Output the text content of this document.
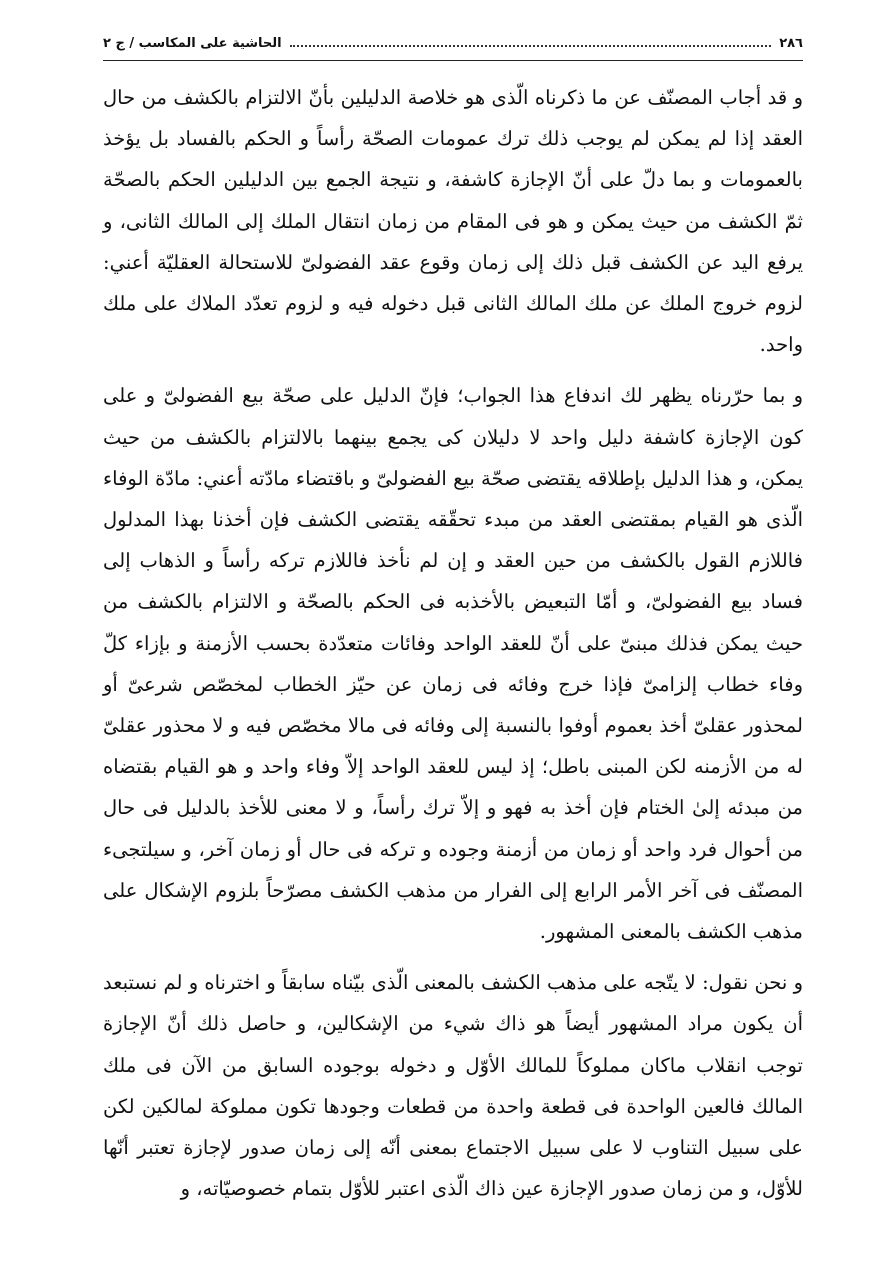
٢٨٦
الحاشية على المكاسب / ج ٢

و قد أجاب المصنّف عن ما ذكرناه الّذى هو خلاصة الدليلين بأنّ الالتزام بالكشف من حال العقد إذا لم يمكن لم يوجب ذلك ترك عمومات الصحّة رأساً و الحكم بالفساد بل يؤخذ بالعمومات و بما دلّ على أنّ الإجازة كاشفة، و نتيجة الجمع بين الدليلين الحكم بالصحّة ثمّ الكشف من حيث يمكن و هو فى المقام من زمان انتقال الملك إلى المالك الثانى، و يرفع اليد عن الكشف قبل ذلك إلى زمان وقوع عقد الفضولىّ للاستحالة العقليّة أعني: لزوم خروج الملك عن ملك المالك الثانى قبل دخوله فيه و لزوم تعدّد الملاك على ملك واحد.

و بما حرّرناه يظهر لك اندفاع هذا الجواب؛ فإنّ الدليل على صحّة بيع الفضولىّ و على كون الإجازة كاشفة دليل واحد لا دليلان كى يجمع بينهما بالالتزام بالكشف من حيث يمكن، و هذا الدليل بإطلاقه يقتضى صحّة بيع الفضولىّ و باقتضاء مادّته أعني: مادّة الوفاء الّذى هو القيام بمقتضى العقد من مبدء تحقّقه يقتضى الكشف فإن أخذنا بهذا المدلول فاللازم القول بالكشف من حين العقد و إن لم نأخذ فاللازم تركه رأساً و الذهاب إلى فساد بيع الفضولىّ، و أمّا التبعيض بالأخذبه فى الحكم بالصحّة و الالتزام بالكشف من حيث يمكن فذلك مبنىّ على أنّ للعقد الواحد وفائات متعدّدة بحسب الأزمنة و بإزاء كلّ وفاء خطاب إلزامىّ فإذا خرج وفائه فى زمان عن حيّز الخطاب لمخصّص شرعىّ أو لمحذور عقلىّ أخذ بعموم أوفوا بالنسبة إلى وفائه فى مالا مخصّص فيه و لا محذور عقلىّ له من الأزمنه لكن المبنى باطل؛ إذ ليس للعقد الواحد إلاّ وفاء واحد و هو القيام بقتضاه من مبدئه إلىٰ الختام فإن أخذ به فهو و إلاّ ترك رأساً، و لا معنى للأخذ بالدليل فى حال من أحوال فرد واحد أو زمان من أزمنة وجوده و تركه فى حال أو زمان آخر، و سيلتجىء المصنّف فى آخر الأمر الرابع إلى الفرار من مذهب الكشف مصرّحاً بلزوم الإشكال على مذهب الكشف بالمعنى المشهور.

و نحن نقول: لا يتّجه على مذهب الكشف بالمعنى الّذى بيّناه سابقاً و اخترناه و لم نستبعد أن يكون مراد المشهور أيضاً هو ذاك شيء من الإشكالين، و حاصل ذلك أنّ الإجازة توجب انقلاب ماكان مملوكاً للمالك الأوّل و دخوله بوجوده السابق من الآن فى ملك المالك فالعين الواحدة فى قطعة واحدة من قطعات وجودها تكون مملوكة لمالكين لكن على سبيل التناوب لا على سبيل الاجتماع بمعنى أنّه إلى زمان صدور لإجازة تعتبر أنّها للأوّل، و من زمان صدور الإجازة عين ذاك الّذى اعتبر للأوّل بتمام خصوصيّاته، و
